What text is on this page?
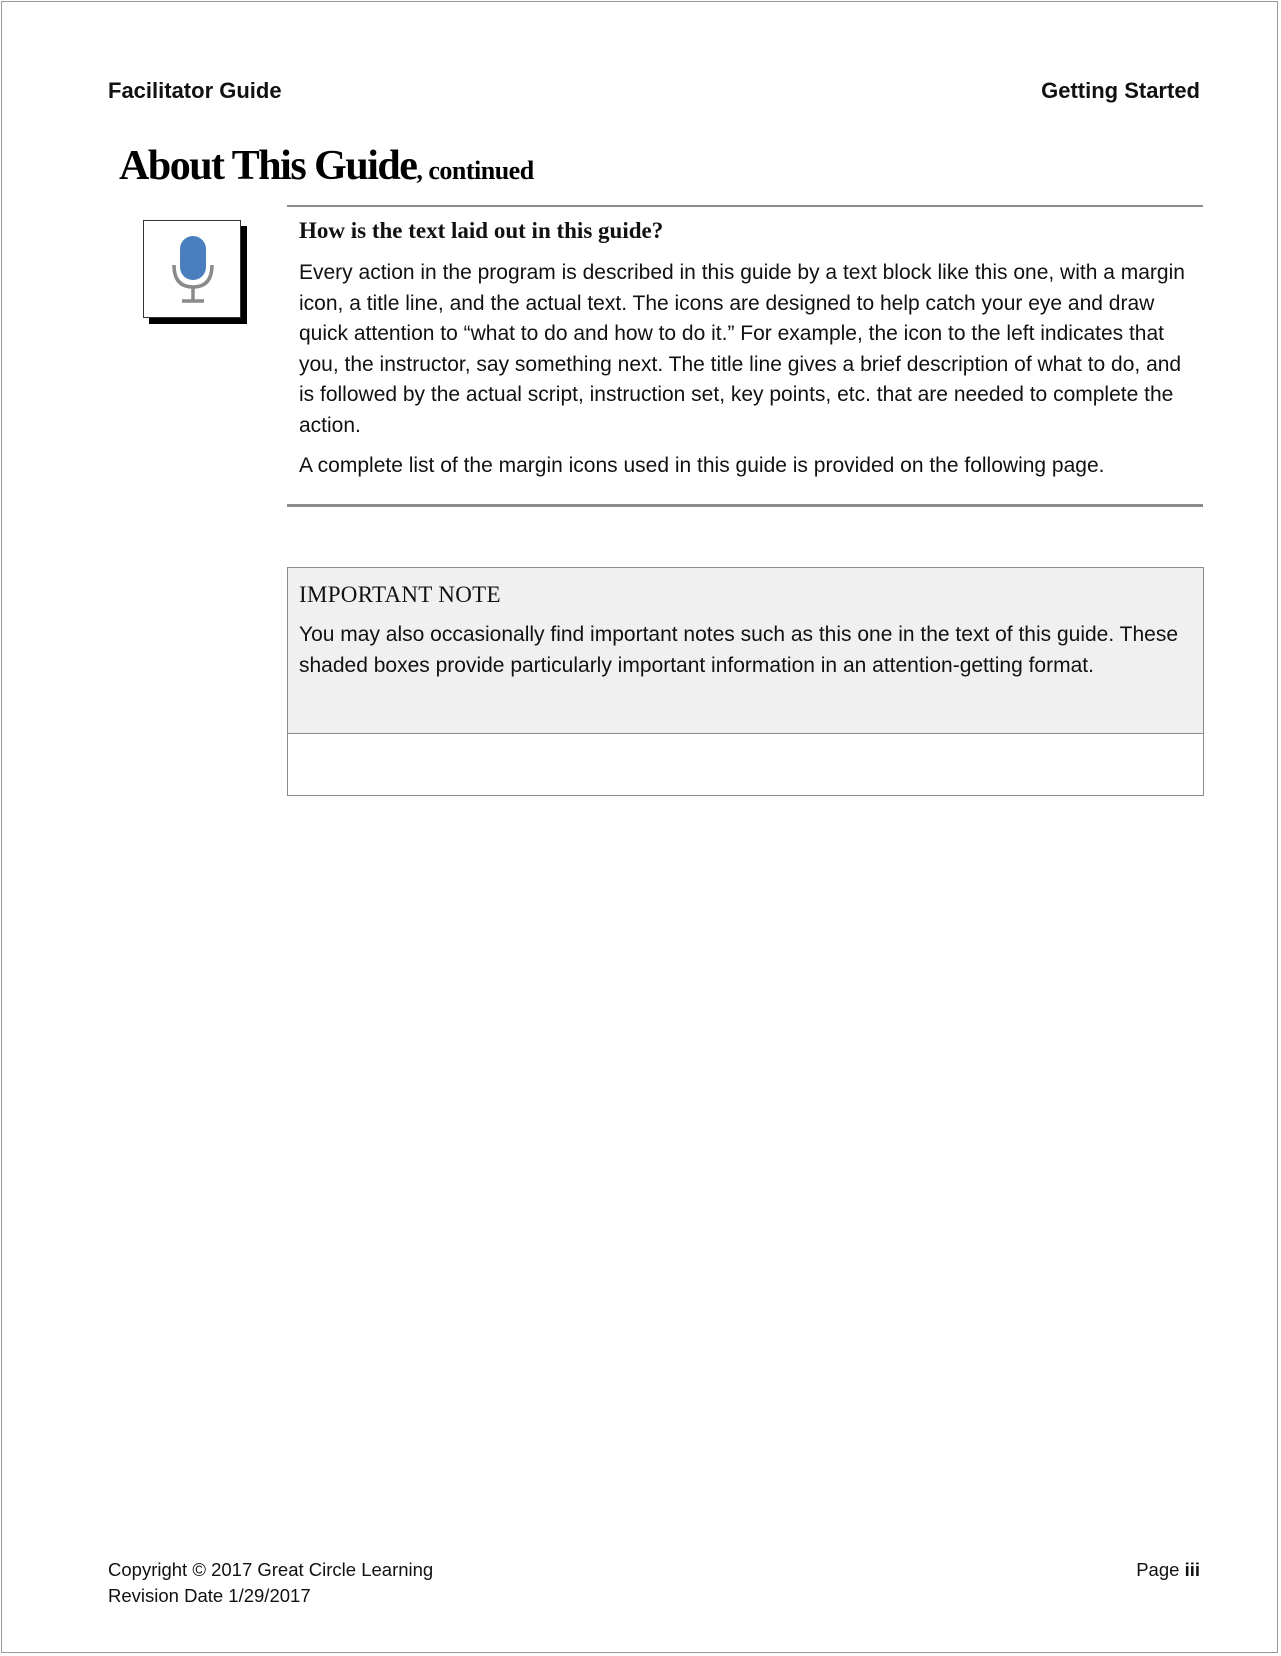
Facilitator Guide	Getting Started
About This Guide, continued
How is the text laid out in this guide?

Every action in the program is described in this guide by a text block like this one, with a margin icon, a title line, and the actual text. The icons are designed to help catch your eye and draw quick attention to “what to do and how to do it.” For example, the icon to the left indicates that you, the instructor, say something next. The title line gives a brief description of what to do, and is followed by the actual script, instruction set, key points, etc. that are needed to complete the action.

A complete list of the margin icons used in this guide is provided on the following page.

IMPORTANT NOTE

You may also occasionally find important notes such as this one in the text of this guide. These shaded boxes provide particularly important information in an attention-getting format.

Copyright © 2017 Great Circle Learning
Revision Date 1/29/2017
Page iii
